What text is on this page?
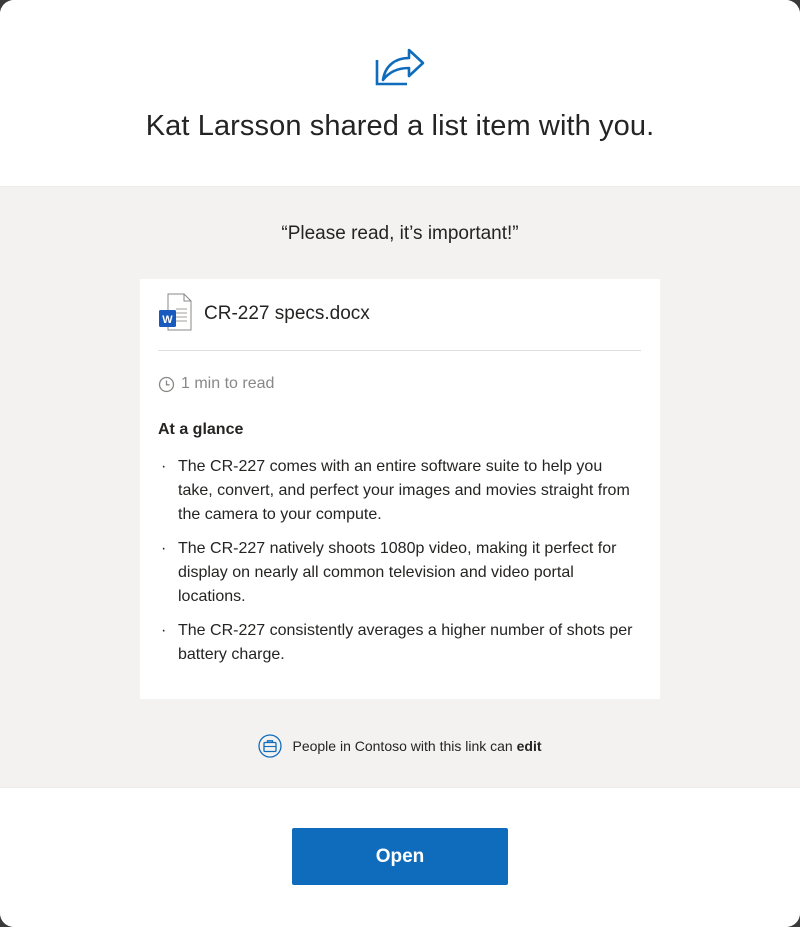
Kat Larsson shared a list item with you.
“Please read, it’s important!”
W CR-227 specs.docx
1 min to read
At a glance
· The CR-227 comes with an entire software suite to help you take, convert, and perfect your images and movies straight from the camera to your compute.
· The CR-227 natively shoots 1080p video, making it perfect for display on nearly all common television and video portal locations.
· The CR-227 consistently averages a higher number of shots per battery charge.
People in Contoso with this link can edit
Open
